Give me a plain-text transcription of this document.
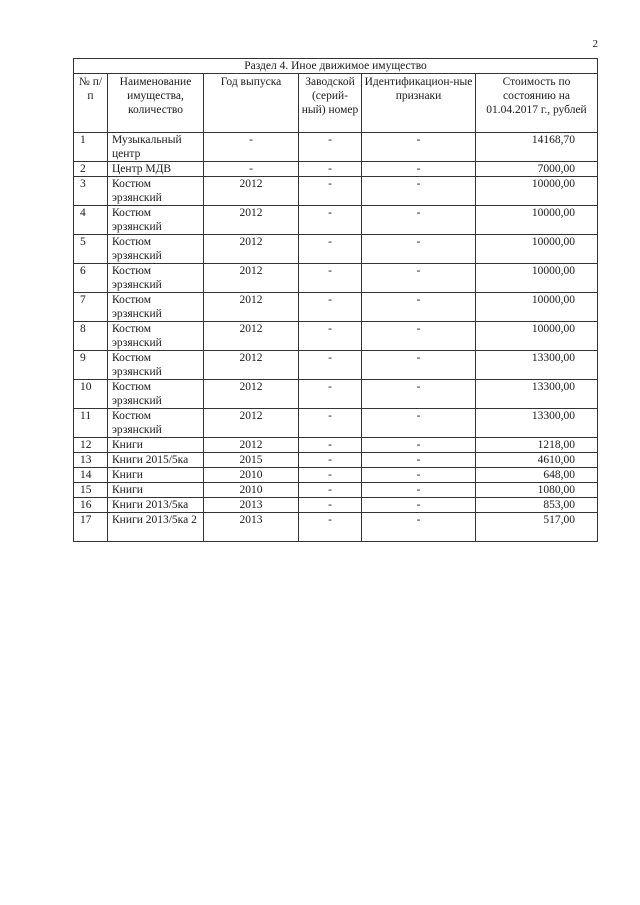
2
Раздел 4. Иное движимое имущество					
№ п/п	Наименование имущества, количество	Год выпуска	Заводской (серий-ный) номер	Идентификацион-ные признаки	Стоимость по состоянию на 01.04.2017 г., рублей
1	Музыкальный центр	-	-	-	14168,70
2	Центр МДВ	-	-	-	7000,00
3	Костюм эрзянский	2012	-	-	10000,00
4	Костюм эрзянский	2012	-	-	10000,00
5	Костюм эрзянский	2012	-	-	10000,00
6	Костюм эрзянский	2012	-	-	10000,00
7	Костюм эрзянский	2012	-	-	10000,00
8	Костюм эрзянский	2012	-	-	10000,00
9	Костюм эрзянский	2012	-	-	13300,00
10	Костюм эрзянский	2012	-	-	13300,00
11	Костюм эрзянский	2012	-	-	13300,00
12	Книги	2012	-	-	1218,00
13	Книги 2015/5ка	2015	-	-	4610,00
14	Книги	2010	-	-	648,00
15	Книги	2010	-	-	1080,00
16	Книги 2013/5ка	2013	-	-	853,00
17	Книги 2013/5ка 2	2013	-	-	517,00
